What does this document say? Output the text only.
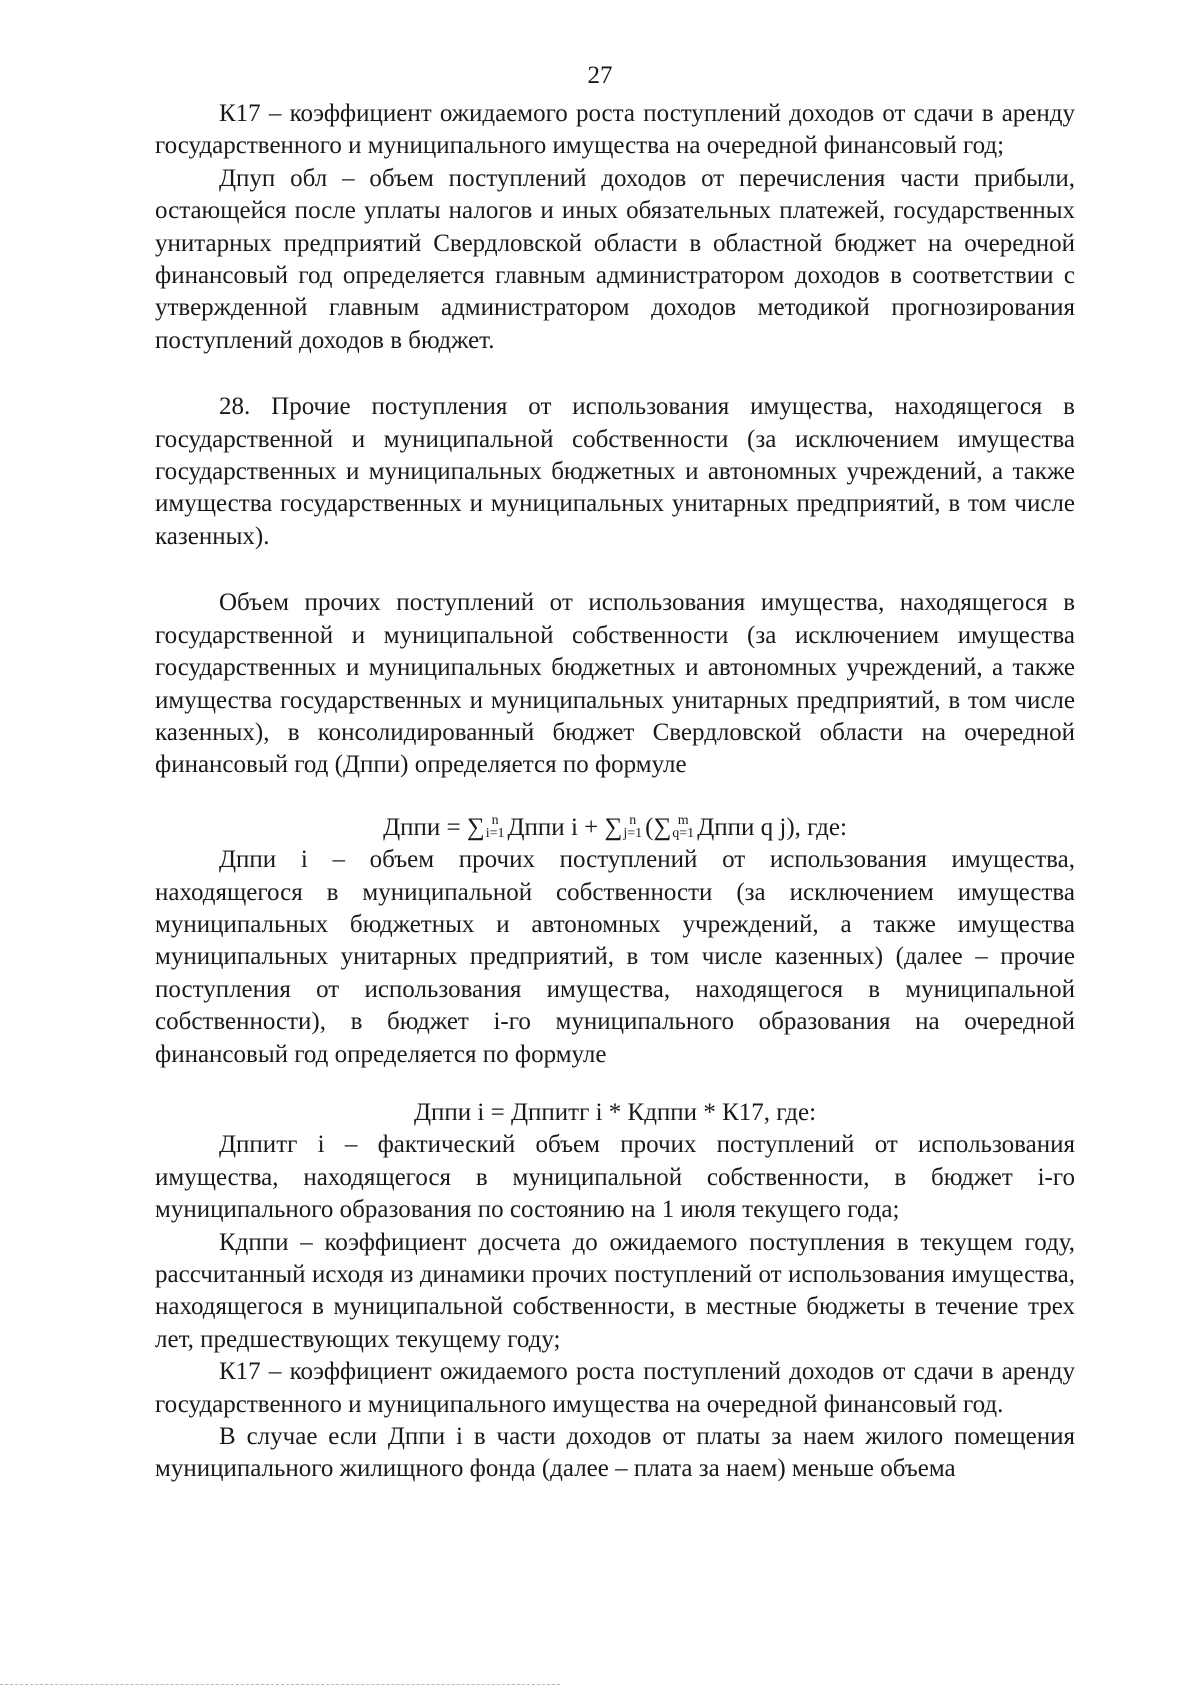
27

К17 – коэффициент ожидаемого роста поступлений доходов от сдачи в аренду государственного и муниципального имущества на очередной финансовый год;

Дпуп обл – объем поступлений доходов от перечисления части прибыли, остающейся после уплаты налогов и иных обязательных платежей, государственных унитарных предприятий Свердловской области в областной бюджет на очередной финансовый год определяется главным администратором доходов в соответствии с утвержденной главным администратором доходов методикой прогнозирования поступлений доходов в бюджет.

28. Прочие поступления от использования имущества, находящегося в государственной и муниципальной собственности (за исключением имущества государственных и муниципальных бюджетных и автономных учреждений, а также имущества государственных и муниципальных унитарных предприятий, в том числе казенных).

Объем прочих поступлений от использования имущества, находящегося в государственной и муниципальной собственности (за исключением имущества государственных и муниципальных бюджетных и автономных учреждений, а также имущества государственных и муниципальных унитарных предприятий, в том числе казенных), в консолидированный бюджет Свердловской области на очередной финансовый год (Дппи) определяется по формуле

Дппи = ∑ n
i=1 Дппи i + ∑ n
j=1 (∑ m
q=1 Дппи q j), где:

Дппи i – объем прочих поступлений от использования имущества, находящегося в муниципальной собственности (за исключением имущества муниципальных бюджетных и автономных учреждений, а также имущества муниципальных унитарных предприятий, в том числе казенных) (далее – прочие поступления от использования имущества, находящегося в муниципальной собственности), в бюджет i-го муниципального образования на очередной финансовый год определяется по формуле

Дппи i = Дппитг i * Кдппи * К17, где:

Дппитг i – фактический объем прочих поступлений от использования имущества, находящегося в муниципальной собственности, в бюджет i-го муниципального образования по состоянию на 1 июля текущего года;

Кдппи – коэффициент досчета до ожидаемого поступления в текущем году, рассчитанный исходя из динамики прочих поступлений от использования имущества, находящегося в муниципальной собственности, в местные бюджеты в течение трех лет, предшествующих текущему году;

К17 – коэффициент ожидаемого роста поступлений доходов от сдачи в аренду государственного и муниципального имущества на очередной финансовый год.

В случае если Дппи i в части доходов от платы за наем жилого помещения муниципального жилищного фонда (далее – плата за наем) меньше объема
